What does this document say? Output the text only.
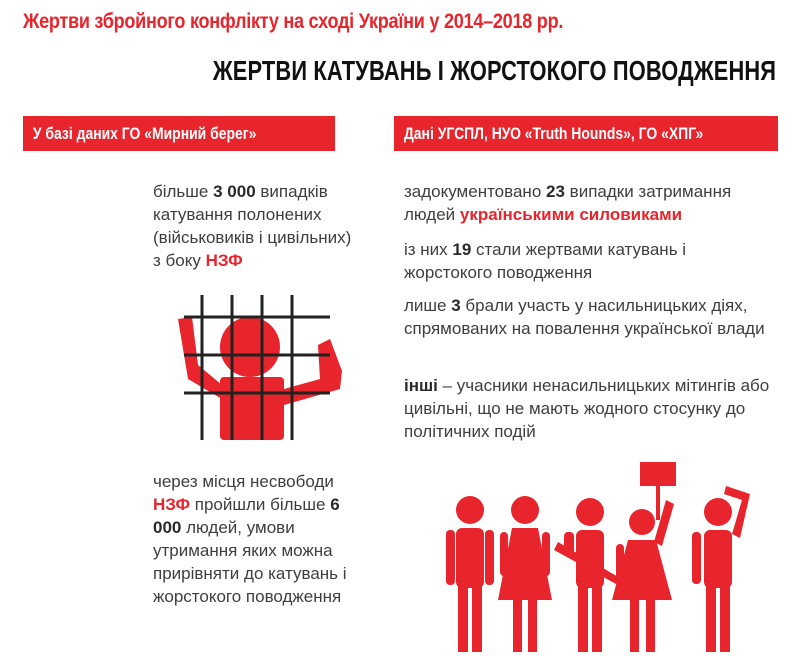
Жертви збройного конфлікту на сході України у 2014–2018 рр.
ЖЕРТВИ КАТУВАНЬ І ЖОРСТОКОГО ПОВОДЖЕННЯ
У базі даних ГО «Мирний берег»	Дані УГСПЛ, НУО «Truth Hounds», ГО «ХПГ»
більше 3 000 випадків катування полонених (військовиків і цивільних) з боку НЗФ
через місця несвободи НЗФ пройшли більше 6 000 людей, умови утримання яких можна прирівняти до катувань і жорстокого поводження
задокументовано 23 випадки затримання людей українськими силовиками
із них 19 стали жертвами катувань і жорстокого поводження
лише 3 брали участь у насильницьких діях, спрямованих на повалення української влади
інші – учасники ненасильницьких мітингів або цивільні, що не мають жодного стосунку до політичних подій
